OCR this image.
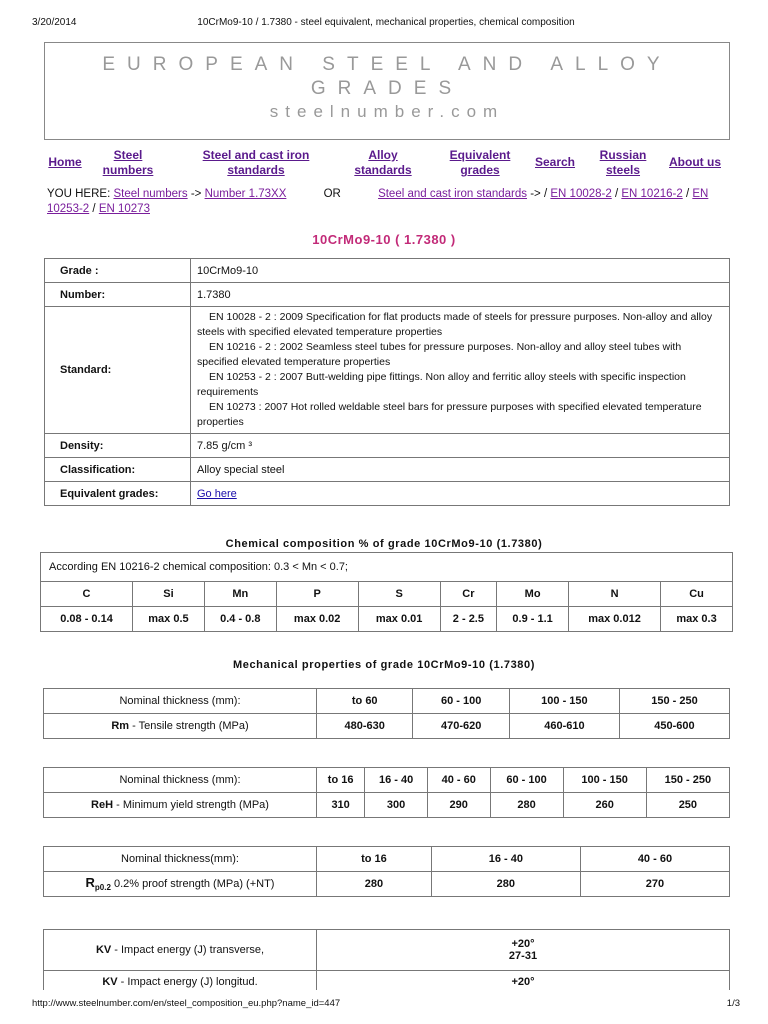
3/20/2014	10CrMo9-10 / 1.7380 - steel equivalent, mechanical properties, chemical composition
EUROPEAN STEEL AND ALLOY
GRADES
steelnumber.com
Home	Steel
numbers
Steel and cast iron
standards
Alloy
standards
Equivalent
grades
Search	Russian
steels
About us
YOU HERE: Steel numbers -> Number 1.73XX	OR	Steel and cast iron standards -> / EN 10028-2 / EN 10216-2 / EN 10253-2 / EN 10273
10CrMo9-10 ( 1.7380 )
Grade :	10CrMo9-10
Number:	1.7380
Standard:	EN 10028 - 2 : 2009 Specification for flat products made of steels for pressure purposes. Non-alloy and alloy steels with specified elevated temperature properties
EN 10216 - 2 : 2002 Seamless steel tubes for pressure purposes. Non-alloy and alloy steel tubes with specified elevated temperature properties
EN 10253 - 2 : 2007 Butt-welding pipe fittings. Non alloy and ferritic alloy steels with specific inspection requirements
EN 10273 : 2007 Hot rolled weldable steel bars for pressure purposes with specified elevated temperature properties

Density:	7.85 g/cm ³
Classification:	Alloy special steel
Equivalent grades:	Go here
Chemical composition % of grade 10CrMo9-10 (1.7380)
According EN 10216-2 chemical composition: 0.3 < Mn < 0.7;								
C	Si	Mn	P	S	Cr	Mo	N	Cu
0.08 - 0.14	max 0.5	0.4 - 0.8	max 0.02	max 0.01	2 - 2.5	0.9 - 1.1	max 0.012	max 0.3
Mechanical properties of grade 10CrMo9-10 (1.7380)
Nominal thickness (mm):	to 60	60 - 100	100 - 150	150 - 250
Rm - Tensile strength (MPa)	480-630	470-620	460-610	450-600
Nominal thickness (mm):	to 16	16 - 40	40 - 60	60 - 100	100 - 150	150 - 250
ReH - Minimum yield strength (MPa)	310	300	290	280	260	250
Nominal thickness(mm):	to 16	16 - 40	40 - 60
$R_{p0.2}$ 0.2% proof strength (MPa) (+NT)	280	280	270
KV - Impact energy (J) transverse,	+20°
27-31

KV - Impact energy (J) longitud.	+20°
http://www.steelnumber.com/en/steel_composition_eu.php?name_id=447	1/3
